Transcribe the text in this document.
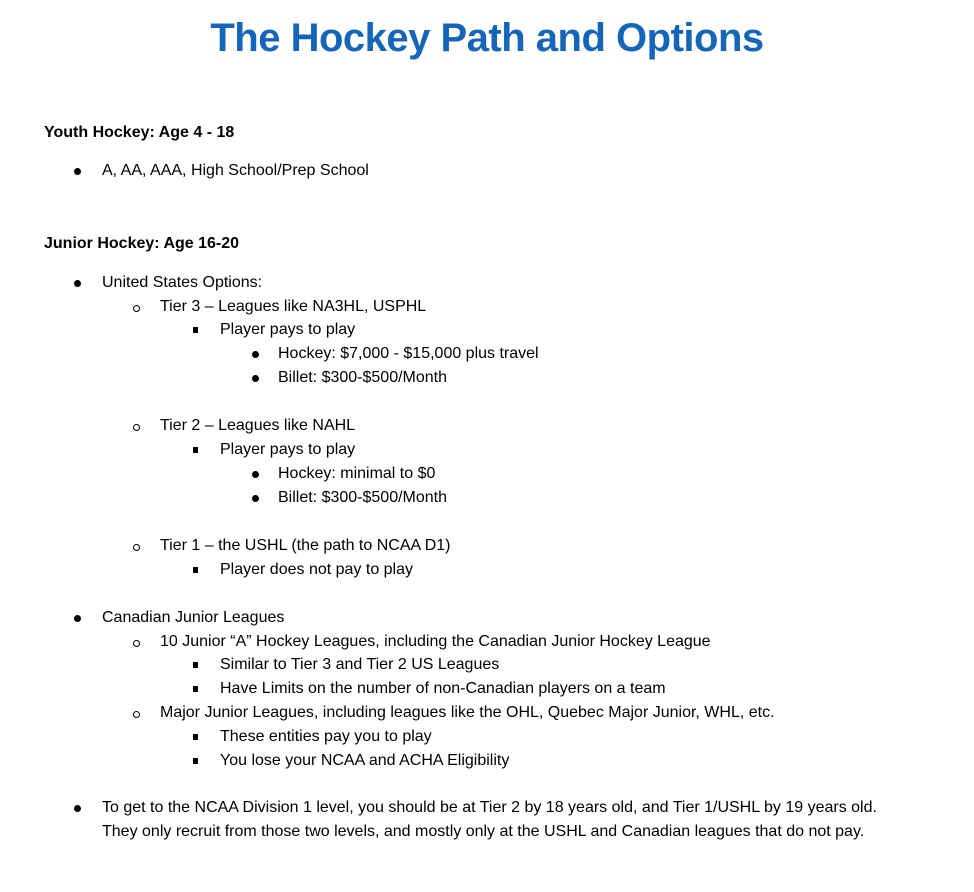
The Hockey Path and Options
Youth Hockey: Age 4 - 18
A, AA, AAA, High School/Prep School
Junior Hockey: Age 16-20
United States Options:
Tier 3 – Leagues like NA3HL, USPHL
Player pays to play
Hockey: $7,000 - $15,000 plus travel
Billet: $300-$500/Month
Tier 2 – Leagues like NAHL
Player pays to play
Hockey: minimal to $0
Billet: $300-$500/Month
Tier 1 – the USHL (the path to NCAA D1)
Player does not pay to play
Canadian Junior Leagues
10 Junior “A” Hockey Leagues, including the Canadian Junior Hockey League
Similar to Tier 3 and Tier 2 US Leagues
Have Limits on the number of non-Canadian players on a team
Major Junior Leagues, including leagues like the OHL, Quebec Major Junior, WHL, etc.
These entities pay you to play
You lose your NCAA and ACHA Eligibility
To get to the NCAA Division 1 level, you should be at Tier 2 by 18 years old, and Tier 1/USHL by 19 years old.
They only recruit from those two levels, and mostly only at the USHL and Canadian leagues that do not pay.
